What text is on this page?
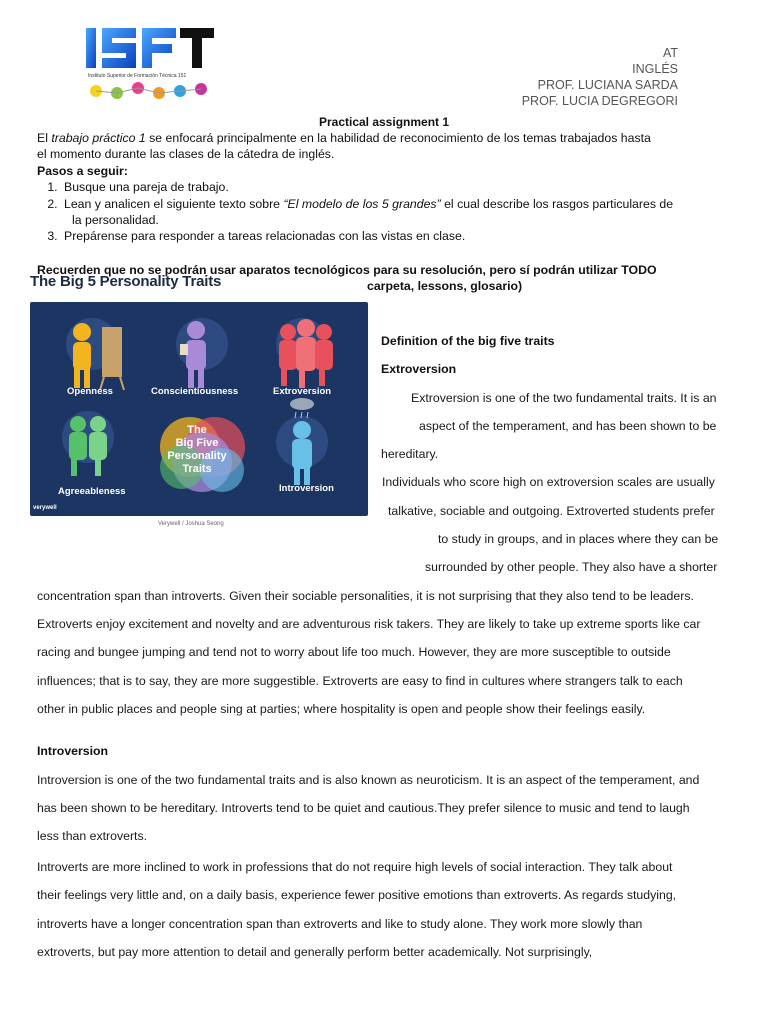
Instituto Superior de Formación Técnica 151
AT
INGLÉS
PROF. LUCIANA SARDA
PROF. LUCIA DEGREGORI
Practical assignment 1
El trabajo práctico 1 se enfocará principalmente en la habilidad de reconocimiento de los temas trabajados hasta
el momento durante las clases de la cátedra de inglés.
Pasos a seguir:
1. Busque una pareja de trabajo.
2. Lean y analicen el siguiente texto sobre “El modelo de los 5 grandes” el cual describe los rasgos particulares de
la personalidad.
3. Prepárense para responder a tareas relacionadas con las vistas en clase.
Recuerden que no se podrán usar aparatos tecnológicos para su resolución, pero sí podrán utilizar TODO
carpeta, lessons, glosario)
The Big 5 Personality Traits
Openness	Conscientiousness	Extroversion
Agreeableness	Introversion
The
Big Five
Personality
Traits
verywell
Verywell / Joshua Seong
Definition of the big five traits
Extroversion
Extroversion is one of the two fundamental traits. It is an
aspect of the temperament, and has been shown to be
hereditary.
Individuals who score high on extroversion scales are usually
talkative, sociable and outgoing. Extroverted students prefer
to study in groups, and in places where they can be
surrounded by other people. They also have a shorter
concentration span than introverts. Given their sociable personalities, it is not surprising that they also tend to be leaders.
Extroverts enjoy excitement and novelty and are adventurous risk takers. They are likely to take up extreme sports like car
racing and bungee jumping and tend not to worry about life too much. However, they are more susceptible to outside
influences; that is to say, they are more suggestible. Extroverts are easy to find in cultures where strangers talk to each
other in public places and people sing at parties; where hospitality is open and people show their feelings easily.
Introversion
Introversion is one of the two fundamental traits and is also known as neuroticism. It is an aspect of the temperament, and
has been shown to be hereditary. Introverts tend to be quiet and cautious.They prefer silence to music and tend to laugh
less than extroverts.
Introverts are more inclined to work in professions that do not require high levels of social interaction. They talk about
their feelings very little and, on a daily basis, experience fewer positive emotions than extroverts. As regards studying,
introverts have a longer concentration span than extroverts and like to study alone. They work more slowly than
extroverts, but pay more attention to detail and generally perform better academically. Not surprisingly,
